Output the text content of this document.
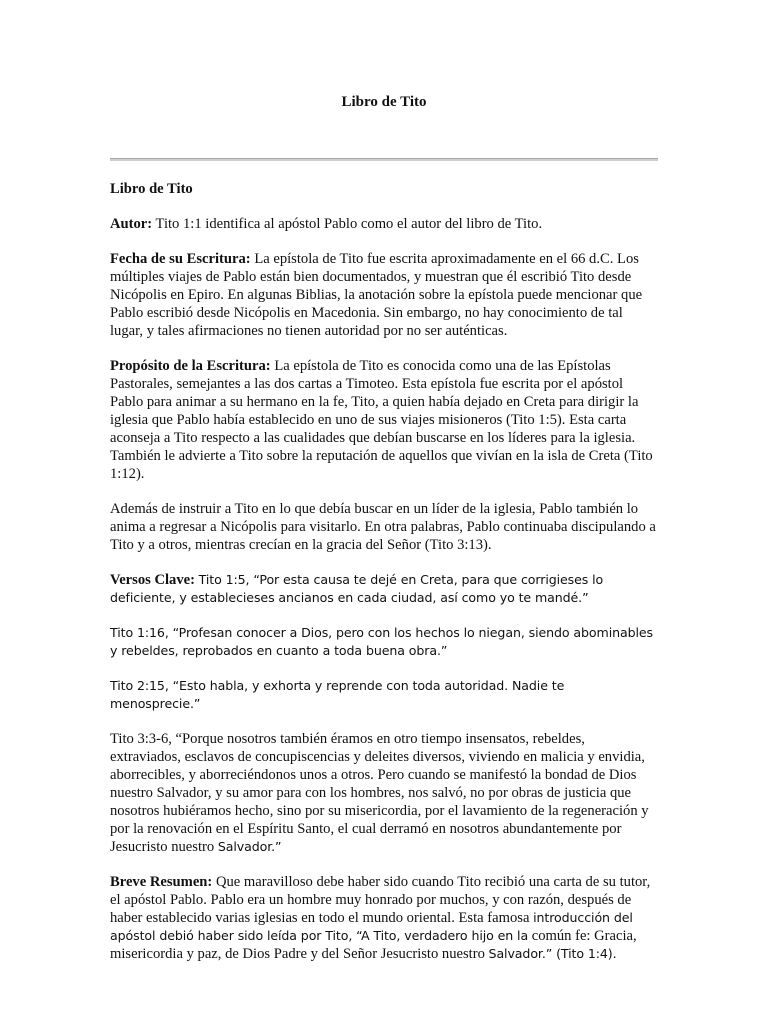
Libro de Tito

Libro de Tito

Autor: Tito 1:1 identifica al apóstol Pablo como el autor del libro de Tito.

Fecha de su Escritura: La epístola de Tito fue escrita aproximadamente en el 66 d.C. Los múltiples viajes de Pablo están bien documentados, y muestran que él escribió Tito desde Nicópolis en Epiro. En algunas Biblias, la anotación sobre la epístola puede mencionar que Pablo escribió desde Nicópolis en Macedonia. Sin embargo, no hay conocimiento de tal lugar, y tales afirmaciones no tienen autoridad por no ser auténticas.

Propósito de la Escritura: La epístola de Tito es conocida como una de las Epístolas Pastorales, semejantes a las dos cartas a Timoteo. Esta epístola fue escrita por el apóstol Pablo para animar a su hermano en la fe, Tito, a quien había dejado en Creta para dirigir la iglesia que Pablo había establecido en uno de sus viajes misioneros (Tito 1:5). Esta carta aconseja a Tito respecto a las cualidades que debían buscarse en los líderes para la iglesia. También le advierte a Tito sobre la reputación de aquellos que vivían en la isla de Creta (Tito 1:12).

Además de instruir a Tito en lo que debía buscar en un líder de la iglesia, Pablo también lo anima a regresar a Nicópolis para visitarlo. En otra palabras, Pablo continuaba discipulando a Tito y a otros, mientras crecían en la gracia del Señor (Tito 3:13).

Versos Clave: Tito 1:5, “Por esta causa te dejé en Creta, para que corrigieses lo deficiente, y establecieses ancianos en cada ciudad, así como yo te mandé.”

Tito 1:16, “Profesan conocer a Dios, pero con los hechos lo niegan, siendo abominables y rebeldes, reprobados en cuanto a toda buena obra.”

Tito 2:15, “Esto habla, y exhorta y reprende con toda autoridad. Nadie te menosprecie.”

Tito 3:3-6, “Porque nosotros también éramos en otro tiempo insensatos, rebeldes, extraviados, esclavos de concupiscencias y deleites diversos, viviendo en malicia y envidia, aborrecibles, y aborreciéndonos unos a otros. Pero cuando se manifestó la bondad de Dios nuestro Salvador, y su amor para con los hombres, nos salvó, no por obras de justicia que nosotros hubiéramos hecho, sino por su misericordia, por el lavamiento de la regeneración y por la renovación en el Espíritu Santo, el cual derramó en nosotros abundantemente por Jesucristo nuestro Salvador.”

Breve Resumen: Que maravilloso debe haber sido cuando Tito recibió una carta de su tutor, el apóstol Pablo. Pablo era un hombre muy honrado por muchos, y con razón, después de haber establecido varias iglesias en todo el mundo oriental. Esta famosa introducción del apóstol debió haber sido leída por Tito, “A Tito, verdadero hijo en la común fe: Gracia, misericordia y paz, de Dios Padre y del Señor Jesucristo nuestro Salvador.” (Tito 1:4).
